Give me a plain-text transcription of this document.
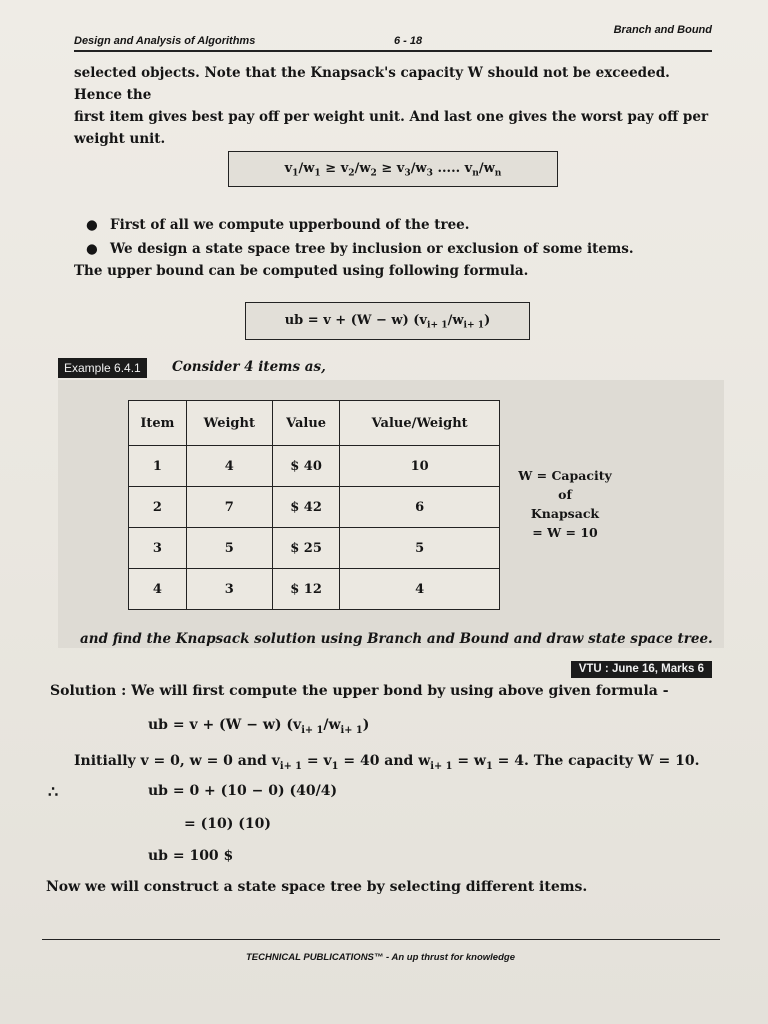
Design and Analysis of Algorithms	6 - 18
Branch and Bound
selected objects. Note that the Knapsack's capacity W should not be exceeded. Hence the
first item gives best pay off per weight unit. And last one gives the worst pay off per
weight unit.
$v_1/w_1 \ge v_2/w_2 \ge v_3/w_3$ ..... $v_n/w_n$
● First of all we compute upperbound of the tree.
● We design a state space tree by inclusion or exclusion of some items.
The upper bound can be computed using following formula.
ub = v + (W − w) $(v_{i+ 1}/w_{i+ 1})$
Example 6.4.1	Consider 4 items as,
Item	Weight	Value	Value/Weight
1	4	$ 40	10
2	7	$ 42	6
3	5	$ 25	5
4	3	$ 12	4
W = Capacity of
Knapsack
= W = 10
and find the Knapsack solution using Branch and Bound and draw state space tree.
VTU : June 16, Marks 6
Solution : We will first compute the upper bond by using above given formula -
ub = v + (W − w) $(v_{i+ 1}/w_{i+ 1})$
Initially v = 0, w = 0 and $v_{i+ 1} = v_1 = 40$ and $w_{i+ 1} = w_1 = 4$. The capacity W = 10.
∴	ub = 0 + (10 − 0) (40/4)
= (10) (10)
ub = 100 $
Now we will construct a state space tree by selecting different items.
TECHNICAL PUBLICATIONS™ - An up thrust for knowledge
